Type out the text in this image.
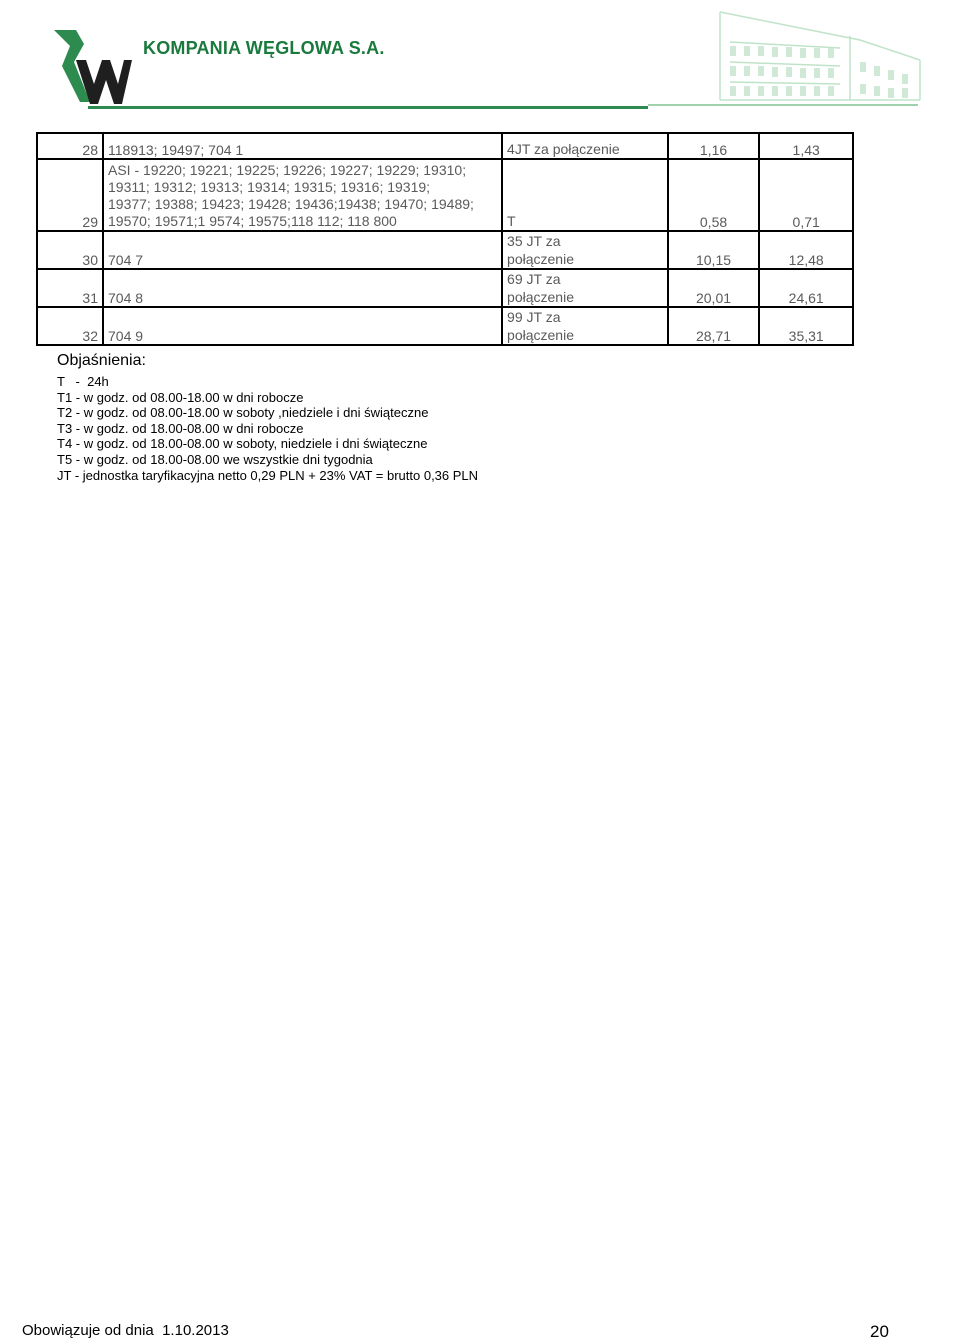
KOMPANIA WĘGLOWA S.A.
28	118913; 19497; 704 1	4JT za połączenie	1,16	1,43
29	ASI - 19220; 19221; 19225; 19226; 19227; 19229; 19310;
19311; 19312; 19313; 19314; 19315; 19316; 19319;
19377; 19388; 19423; 19428; 19436;19438; 19470; 19489;
19570; 19571;1 9574; 19575;118 112; 118 800	T	0,58	0,71
30	704 7	35 JT za
połączenie	10,15	12,48
31	704 8	69 JT za
połączenie	20,01	24,61
32	704 9	99 JT za
połączenie	28,71	35,31
Objaśnienia:
T   -  24h
T1 - w godz. od 08.00-18.00 w dni robocze
T2 - w godz. od 08.00-18.00 w soboty ,niedziele i dni świąteczne
T3 - w godz. od 18.00-08.00 w dni robocze
T4 - w godz. od 18.00-08.00 w soboty, niedziele i dni świąteczne
T5 - w godz. od 18.00-08.00 we wszystkie dni tygodnia
JT - jednostka taryfikacyjna netto 0,29 PLN + 23% VAT = brutto 0,36 PLN
Obowiązuje od dnia  1.10.2013	20
